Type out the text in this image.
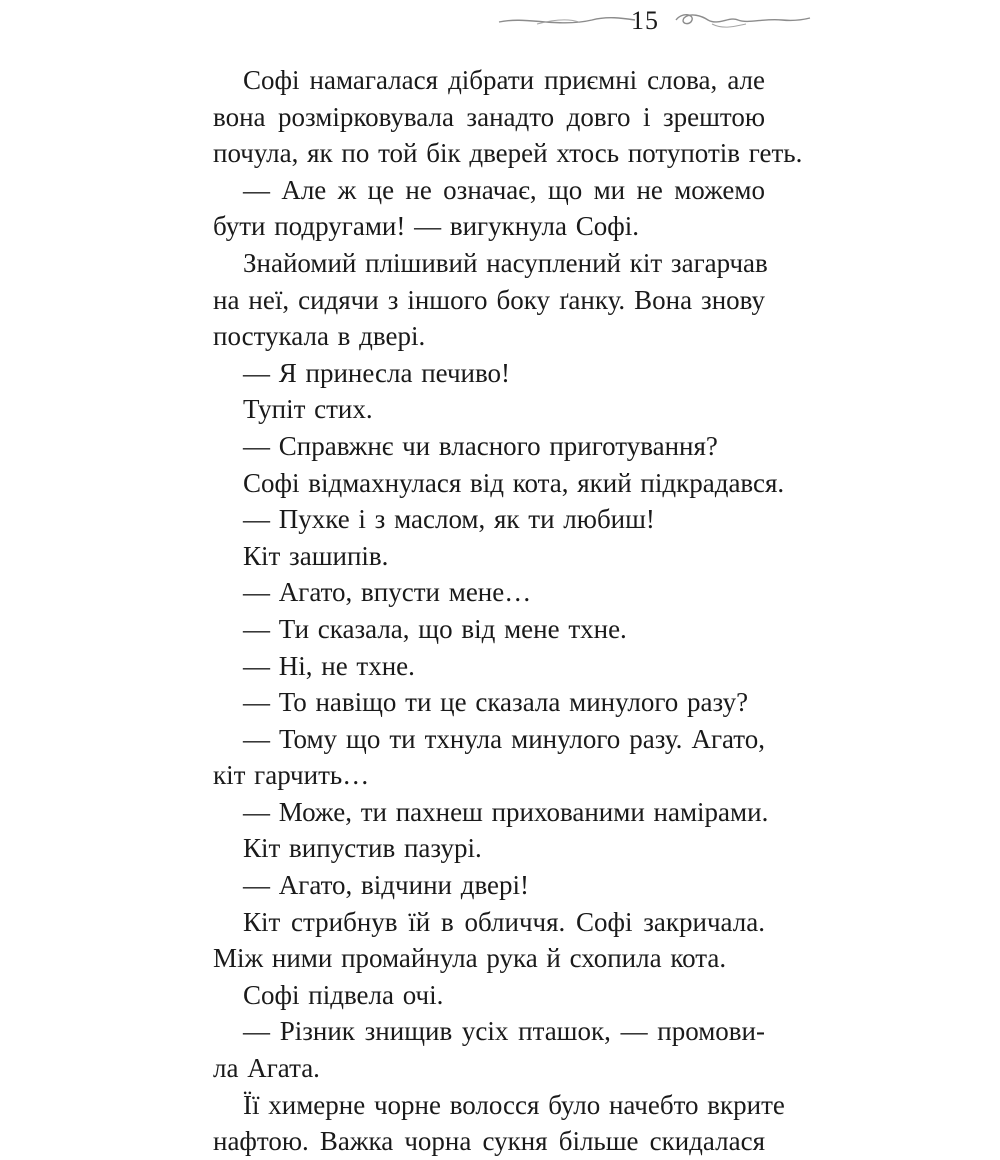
15
Софі намагалася дібрати приємні слова, але
вона розмірковувала занадто довго і зрештою
почула, як по той бік дверей хтось потупотів геть.
— Але ж це не означає, що ми не можемо
бути подругами! — вигукнула Софі.
Знайомий плішивий насуплений кіт загарчав
на неї, сидячи з іншого боку ґанку. Вона знову
постукала в двері.
— Я принесла печиво!
Тупіт стих.
— Справжнє чи власного приготування?
Софі відмахнулася від кота, який підкрадався.
— Пухке і з маслом, як ти любиш!
Кіт зашипів.
— Агато, впусти мене…
— Ти сказала, що від мене тхне.
— Ні, не тхне.
— То навіщо ти це сказала минулого разу?
— Тому що ти тхнула минулого разу. Агато,
кіт гарчить…
— Може, ти пахнеш прихованими намірами.
Кіт випустив пазурі.
— Агато, відчини двері!
Кіт стрибнув їй в обличчя. Софі закричала.
Між ними промайнула рука й схопила кота.
Софі підвела очі.
— Різник знищив усіх пташок, — промови-
ла Агата.
Її химерне чорне волосся було начебто вкрите
нафтою. Важка чорна сукня більше скидалася
